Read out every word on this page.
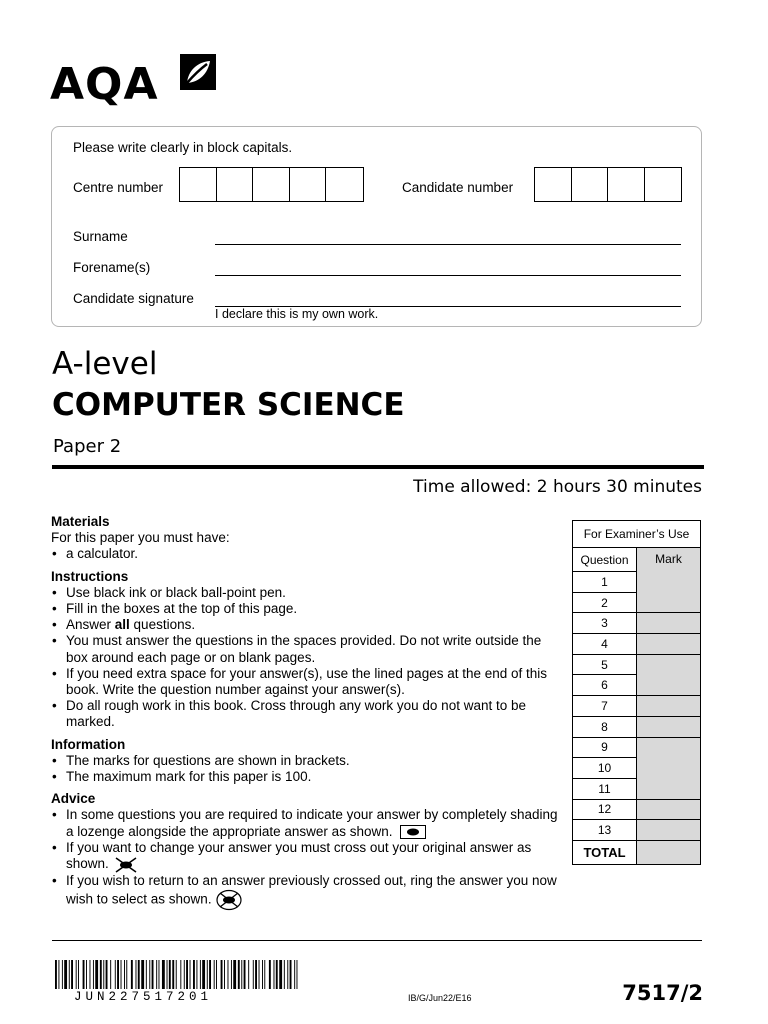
AQA
Please write clearly in block capitals.
Centre number	Candidate number
Surname
Forename(s)
Candidate signature
I declare this is my own work.
A-level
COMPUTER SCIENCE
Paper 2
Time allowed: 2 hours 30 minutes
Materials
For this paper you must have:
• a calculator.
Instructions
• Use black ink or black ball-point pen.
• Fill in the boxes at the top of this page.
• Answer all questions.
• You must answer the questions in the spaces provided. Do not write outside the box around each page or on blank pages.
• If you need extra space for your answer(s), use the lined pages at the end of this book. Write the question number against your answer(s).
• Do all rough work in this book. Cross through any work you do not want to be marked.
Information
• The marks for questions are shown in brackets.
• The maximum mark for this paper is 100.
Advice
• In some questions you are required to indicate your answer by completely shading a lozenge alongside the appropriate answer as shown.
• If you want to change your answer you must cross out your original answer as shown.
• If you wish to return to an answer previously crossed out, ring the answer you now wish to select as shown.
For Examiner’s Use	
Question	Mark
1	
2	
3	
4	
5	
6	
7	
8	
9	
10	
11	
12	
13	
TOTAL	
JUN227517201	IB/G/Jun22/E16	7517/2
